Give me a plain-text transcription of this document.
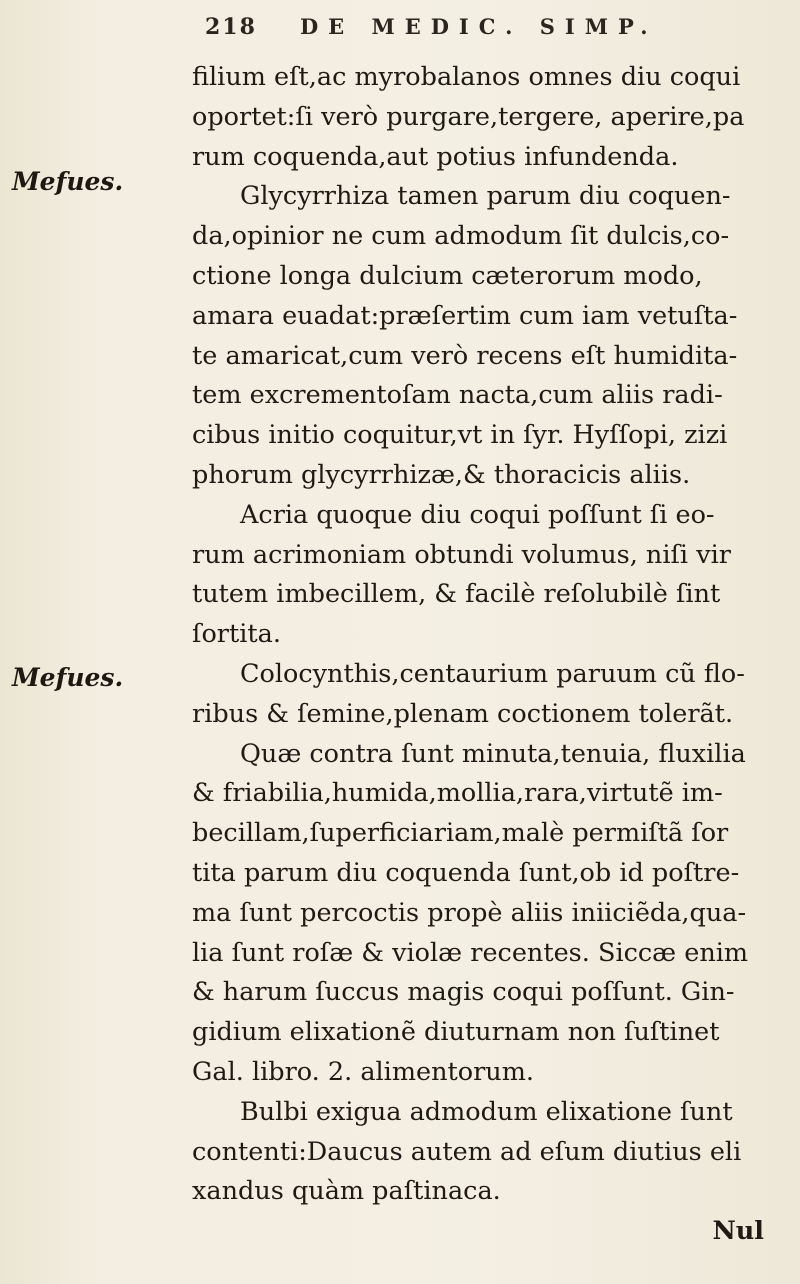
218 DE MEDIC. SIMP.
Mefues.
Mefues.
filium eſt,ac myrobalanos omnes diu coqui
oportet:ſi verò purgare,tergere, aperire,pa
rum coquenda,aut potius infundenda.
Glycyrrhiza tamen parum diu coquen-
da,opinior ne cum admodum ſit dulcis,co-
ctione longa dulcium cæterorum modo,
amara euadat:præſertim cum iam vetuſta-
te amaricat,cum verò recens eſt humidita-
tem excrementoſam nacta,cum aliis radi-
cibus initio coquitur,vt in ſyr. Hyſſopi, zizi
phorum glycyrrhizæ,& thoracicis aliis.
Acria quoque diu coqui poſſunt ſi eo-
rum acrimoniam obtundi volumus, niſi vir
tutem imbecillem, & facilè reſolubilè ſint
ſortita.
Colocynthis,centaurium paruum cũ flo-
ribus & ſemine,plenam coctionem tolerãt.
Quæ contra ſunt minuta,tenuia, fluxilia
& friabilia,humida,mollia,rara,virtutẽ im-
becillam,ſuperficiariam,malè permiſtã ſor
tita parum diu coquenda ſunt,ob id poſtre-
ma ſunt percoctis propè aliis iniiciẽda,qua-
lia ſunt roſæ & violæ recentes. Siccæ enim
& harum ſuccus magis coqui poſſunt. Gin-
gidium elixationẽ diuturnam non ſuſtinet
Gal. libro. 2. alimentorum.
Bulbi exigua admodum elixatione ſunt
contenti:Daucus autem ad eſum diutius eli
xandus quàm paſtinaca.
Nul
